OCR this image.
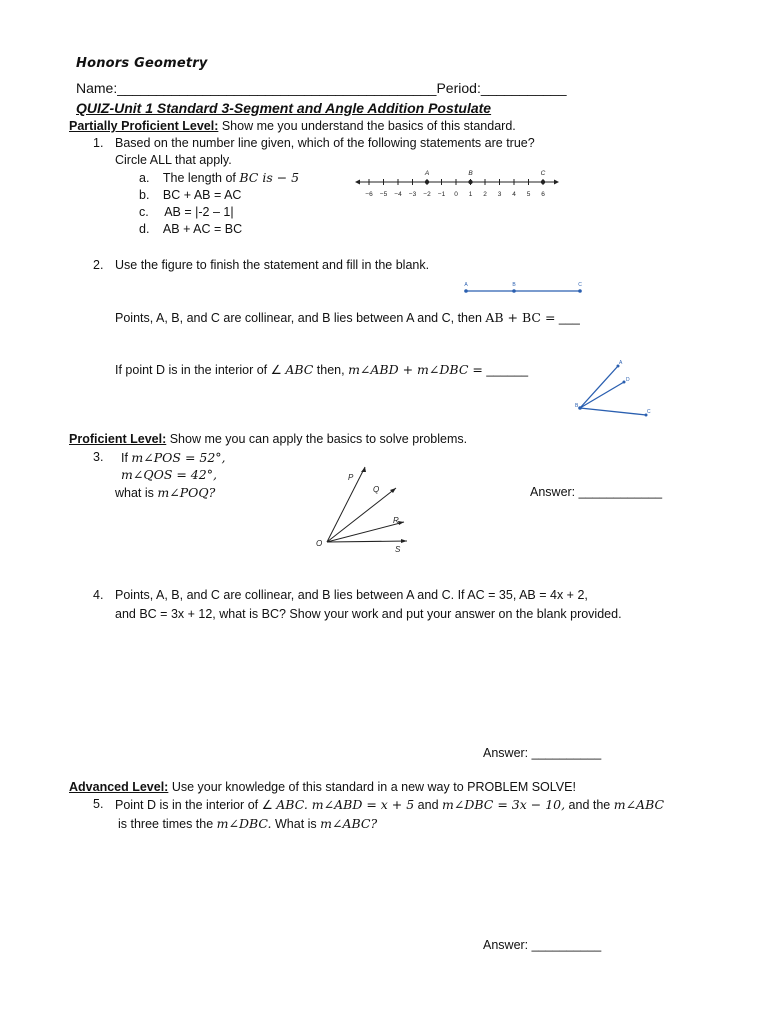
Honors Geometry
Name:_________________________________________Period:___________
QUIZ-Unit 1 Standard 3-Segment and Angle Addition Postulate
Partially Proficient Level: Show me you understand the basics of this standard.
1. Based on the number line given, which of the following statements are true?
Circle ALL that apply.
a. The length of BC is − 5
b. BC + AB = AC
c. AB = |-2 – 1|
d. AB + AC = BC
−6 −5 −4 −3 −2 −1 0 1 2 3 4 5 6
A	B	C
2. Use the figure to finish the statement and fill in the blank.
A	B	C
Points, A, B, and C are collinear, and B lies between A and C, then AB + BC = ___
If point D is in the interior of ∠ ABC then, m∠ABD + m∠DBC = ______	A
D
B
C
Proficient Level: Show me you can apply the basics to solve problems.
3. If m∠POS = 52°,
m∠QOS = 42°,
what is m∠POQ?
P
Q
R
S
O
Answer: ____________
4. Points, A, B, and C are collinear, and B lies between A and C. If AC = 35, AB = 4x + 2,
and BC = 3x + 12, what is BC? Show your work and put your answer on the blank provided.
Answer: __________
Advanced Level: Use your knowledge of this standard in a new way to PROBLEM SOLVE!
5. Point D is in the interior of ∠ ABC. m∠ABD = x + 5 and m∠DBC = 3x − 10, and the m∠ABC
is three times the m∠DBC. What is m∠ABC?
Answer: __________
